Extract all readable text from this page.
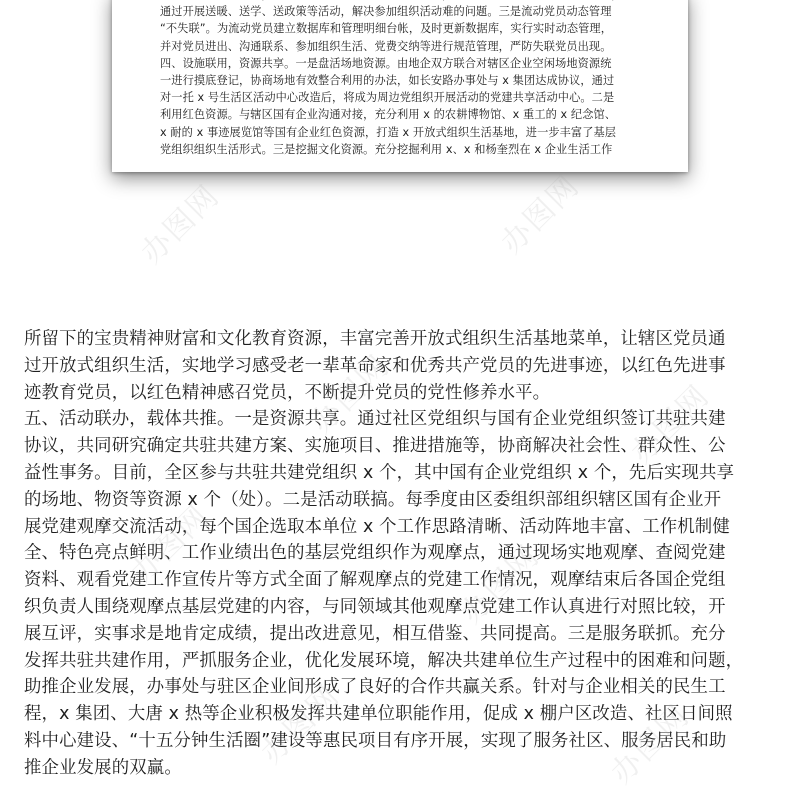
通过开展送暖、送学、送政策等活动，解决参加组织活动难的问题。三是流动党员动态管理
“不失联”。为流动党员建立数据库和管理明细台帐，及时更新数据库，实行实时动态管理，
并对党员进出、沟通联系、参加组织生活、党费交纳等进行规范管理，严防失联党员出现。
四、设施联用，资源共享。一是盘活场地资源。由地企双方联合对辖区企业空闲场地资源统
一进行摸底登记，协商场地有效整合利用的办法，如长安路办事处与 x 集团达成协议，通过
对一托 x 号生活区活动中心改造后，将成为周边党组织开展活动的党建共享活动中心。二是
利用红色资源。与辖区国有企业沟通对接，充分利用 x 的农耕博物馆、x 重工的 x 纪念馆、
x 耐的 x 事迹展览馆等国有企业红色资源，打造 x 开放式组织生活基地，进一步丰富了基层
党组织组织生活形式。三是挖掘文化资源。充分挖掘利用 x、x 和杨奎烈在 x 企业生活工作
所留下的宝贵精神财富和文化教育资源，丰富完善开放式组织生活基地菜单，让辖区党员通
过开放式组织生活，实地学习感受老一辈革命家和优秀共产党员的先进事迹，以红色先进事
迹教育党员，以红色精神感召党员，不断提升党员的党性修养水平。
五、活动联办，载体共推。一是资源共享。通过社区党组织与国有企业党组织签订共驻共建
协议，共同研究确定共驻共建方案、实施项目、推进措施等，协商解决社会性、群众性、公
益性事务。目前，全区参与共驻共建党组织 x 个，其中国有企业党组织 x 个，先后实现共享
的场地、物资等资源 x 个（处）。二是活动联搞。每季度由区委组织部组织辖区国有企业开
展党建观摩交流活动，每个国企选取本单位 x 个工作思路清晰、活动阵地丰富、工作机制健
全、特色亮点鲜明、工作业绩出色的基层党组织作为观摩点，通过现场实地观摩、查阅党建
资料、观看党建工作宣传片等方式全面了解观摩点的党建工作情况，观摩结束后各国企党组
织负责人围绕观摩点基层党建的内容，与同领域其他观摩点党建工作认真进行对照比较，开
展互评，实事求是地肯定成绩，提出改进意见，相互借鉴、共同提高。三是服务联抓。充分
发挥共驻共建作用，严抓服务企业，优化发展环境，解决共建单位生产过程中的困难和问题，
助推企业发展，办事处与驻区企业间形成了良好的合作共赢关系。针对与企业相关的民生工
程，x 集团、大唐 x 热等企业积极发挥共建单位职能作用，促成 x 棚户区改造、社区日间照
料中心建设、“十五分钟生活圈”建设等惠民项目有序开展，实现了服务社区、服务居民和助
推企业发展的双赢。
办图网	办图网
办图网	办图网
办图网	办图网
